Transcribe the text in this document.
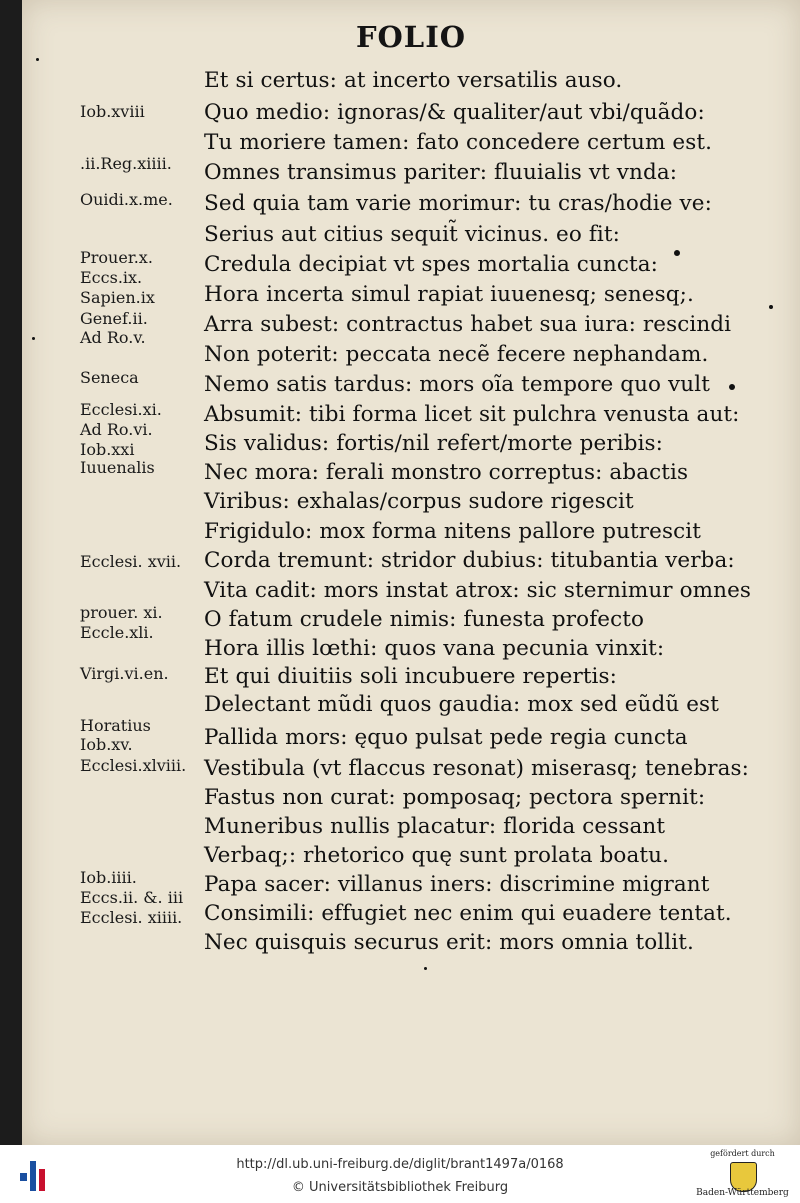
FOLIO
Et si certus: at incerto versatilis auso.
Quo medio: ignoras/& qualiter/aut vbi/quãdo:
Tu moriere tamen: fato concedere certum est.
Omnes transimus pariter: fluuialis vt vnda:
Sed quia tam varie morimur: tu cras/hodie ve:
Serius aut citius sequit̃ vicinus. eo fit:
Credula decipiat vt spes mortalia cuncta:
Hora incerta simul rapiat iuuenesq; senesq;.
Arra subest: contractus habet sua iura: rescindi
Non poterit: peccata necẽ fecere nephandam.
Nemo satis tardus: mors oĩa tempore quo vult
Absumit: tibi forma licet sit pulchra venusta aut:
Sis validus: fortis/nil refert/morte peribis:
Nec mora: ferali monstro correptus: abactis
Viribus: exhalas/corpus sudore rigescit
Frigidulo: mox forma nitens pallore putrescit
Corda tremunt: stridor dubius: titubantia verba:
Vita cadit: mors instat atrox: sic sternimur omnes
O fatum crudele nimis: funesta profecto
Hora illis lœthi: quos vana pecunia vinxit:
Et qui diuitiis soli incubuere repertis:
Delectant mũdi quos gaudia: mox sed eũdũ est
Pallida mors: ęquo pulsat pede regia cuncta
Vestibula (vt flaccus resonat) miserasq; tenebras:
Fastus non curat: pomposaq; pectora spernit:
Muneribus nullis placatur: florida cessant
Verbaq;: rhetorico quę sunt prolata boatu.
Papa sacer: villanus iners: discrimine migrant
Consimili: effugiet nec enim qui euadere tentat.
Nec quisquis securus erit: mors omnia tollit.
Iob.xviii
.ii.Reg.xiiii.
Ouidi.x.me.
Prouer.x.
Eccs.ix.
Sapien.ix
Genef.ii.
Ad Ro.v.
Seneca
Ecclesi.xi.
Ad Ro.vi.
Iob.xxi
Iuuenalis
Ecclesi. xvii.
prouer. xi.
Eccle.xli.
Virgi.vi.en.
Horatius
Iob.xv.
Ecclesi.xlviii.
Iob.iiii.
Eccs.ii. &. iii
Ecclesi. xiiii.
http://dl.ub.uni-freiburg.de/diglit/brant1497a/0168
© Universitätsbibliothek Freiburg
gefördert durch
Baden-Württemberg
